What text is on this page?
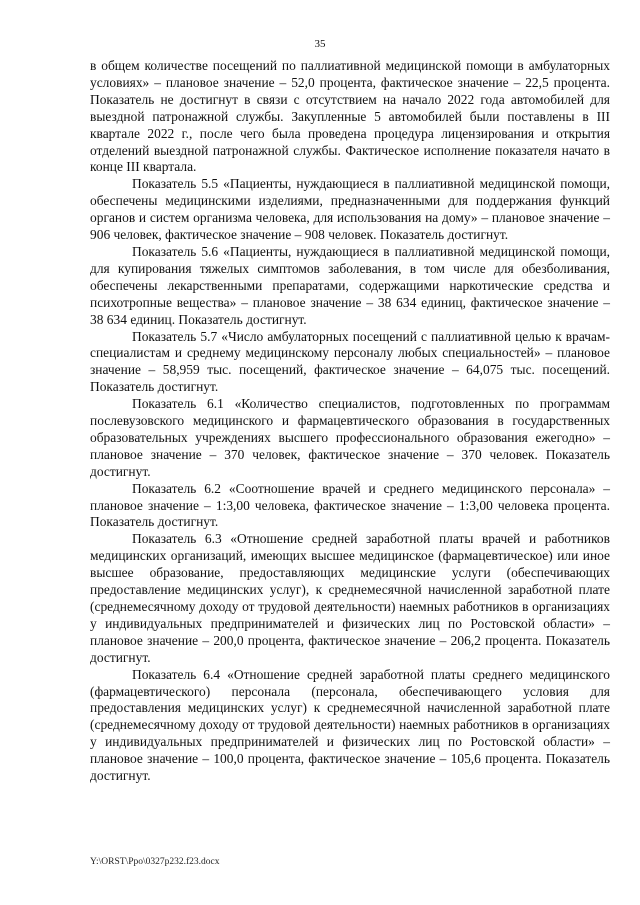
35

в общем количестве посещений по паллиативной медицинской помощи в амбулаторных условиях» – плановое значение – 52,0 процента, фактическое значение – 22,5 процента. Показатель не достигнут в связи с отсутствием на начало 2022 года автомобилей для выездной патронажной службы. Закупленные 5 автомобилей были поставлены в III квартале 2022 г., после чего была проведена процедура лицензирования и открытия отделений выездной патронажной службы. Фактическое исполнение показателя начато в конце III квартала.

Показатель 5.5 «Пациенты, нуждающиеся в паллиативной медицинской помощи, обеспечены медицинскими изделиями, предназначенными для поддержания функций органов и систем организма человека, для использования на дому» – плановое значение – 906 человек, фактическое значение – 908 человек. Показатель достигнут.

Показатель 5.6 «Пациенты, нуждающиеся в паллиативной медицинской помощи, для купирования тяжелых симптомов заболевания, в том числе для обезболивания, обеспечены лекарственными препаратами, содержащими наркотические средства и психотропные вещества» – плановое значение – 38 634 единиц, фактическое значение – 38 634 единиц. Показатель достигнут.

Показатель 5.7 «Число амбулаторных посещений с паллиативной целью к врачам-специалистам и среднему медицинскому персоналу любых специальностей» – плановое значение – 58,959 тыс. посещений, фактическое значение – 64,075 тыс. посещений. Показатель достигнут.

Показатель 6.1 «Количество специалистов, подготовленных по программам послевузовского медицинского и фармацевтического образования в государственных образовательных учреждениях высшего профессионального образования ежегодно» – плановое значение – 370 человек, фактическое значение – 370 человек. Показатель достигнут.

Показатель 6.2 «Соотношение врачей и среднего медицинского персонала» – плановое значение – 1:3,00 человека, фактическое значение – 1:3,00 человека процента. Показатель достигнут.

Показатель 6.3 «Отношение средней заработной платы врачей и работников медицинских организаций, имеющих высшее медицинское (фармацевтическое) или иное высшее образование, предоставляющих медицинские услуги (обеспечивающих предоставление медицинских услуг), к среднемесячной начисленной заработной плате (среднемесячному доходу от трудовой деятельности) наемных работников в организациях у индивидуальных предпринимателей и физических лиц по Ростовской области» – плановое значение – 200,0 процента, фактическое значение – 206,2 процента. Показатель достигнут.

Показатель 6.4 «Отношение средней заработной платы среднего медицинского (фармацевтического) персонала (персонала, обеспечивающего условия для предоставления медицинских услуг) к среднемесячной начисленной заработной плате (среднемесячному доходу от трудовой деятельности) наемных работников в организациях у индивидуальных предпринимателей и физических лиц по Ростовской области» – плановое значение – 100,0 процента, фактическое значение – 105,6 процента. Показатель достигнут.

Y:\ORST\Ppo\0327p232.f23.docx
